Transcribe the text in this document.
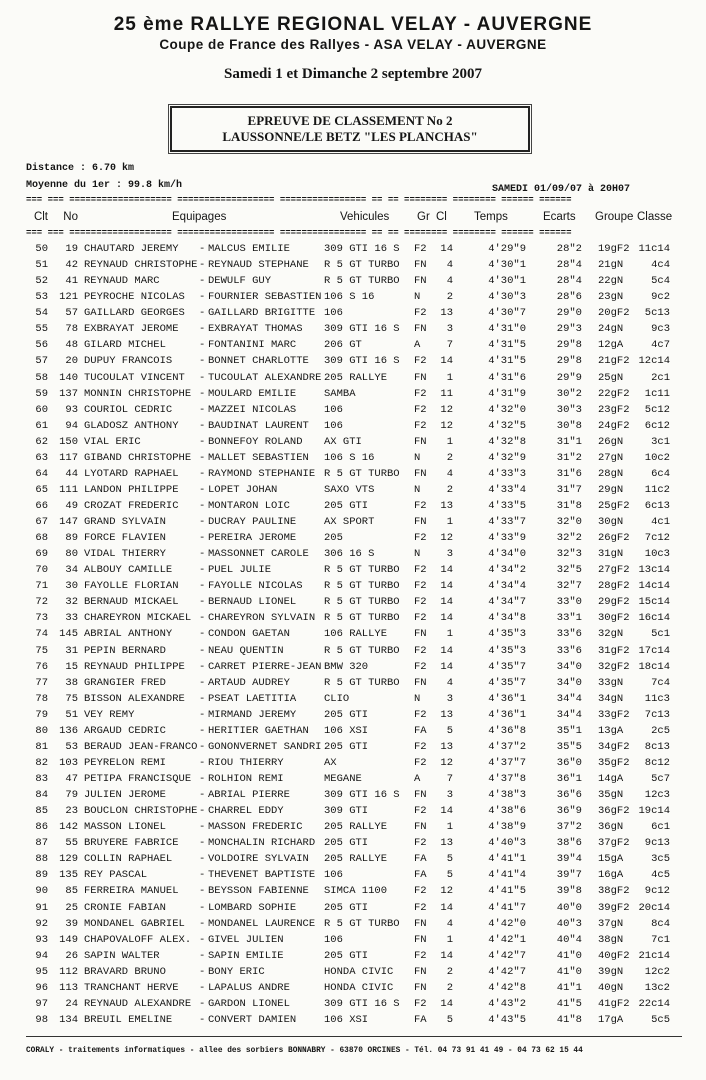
25 ème RALLYE REGIONAL VELAY - AUVERGNE
Coupe de France des Rallyes - ASA VELAY - AUVERGNE
Samedi 1 et Dimanche 2 septembre 2007
EPREUVE DE CLASSEMENT No 2
LAUSSONNE/LE BETZ "LES PLANCHAS"
Distance : 6.70 km
Moyenne du 1er : 99.8 km/h	SAMEDI 01/09/07 à 20H07
=== === =================== ================== ================ == == ======== ======== ====== ======
Clt	No	Equipages	Vehicules Gr Cl Temps	Ecarts Groupe Classe
=== === =================== ================== ================ == == ======== ======== ====== ======
50	19 CHAUTARD JEREMY	- MALCUS EMILIE	309 GTI 16 S	F2	14	4'29"9	28"2 19gF2 11c14
51	42 REYNAUD CHRISTOPHE - REYNAUD STEPHANE	R 5 GT TURBO	FN	4	4'30"1	28"4 21gN	4c4
52	41 REYNAUD MARC	- DEWULF GUY	R 5 GT TURBO	FN	4	4'30"1	28"4 22gN	5c4
53	121 PEYROCHE NICOLAS	- FOURNIER SEBASTIEN 106 S 16	N	2	4'30"3	28"6 23gN	9c2
54	57 GAILLARD GEORGES	- GAILLARD BRIGITTE 106	F2	13	4'30"7	29"0 20gF2	5c13
55	78 EXBRAYAT JEROME	- EXBRAYAT THOMAS	309 GTI 16 S	FN	3	4'31"0	29"3 24gN	9c3
56	48 GILARD MICHEL	- FONTANINI MARC	206 GT	A	7	4'31"5	29"8 12gA	4c7
57	20 DUPUY FRANCOIS	- BONNET CHARLOTTE	309 GTI 16 S	F2	14	4'31"5	29"8 21gF2 12c14
58	140 TUCOULAT VINCENT	- TUCOULAT ALEXANDRE 205 RALLYE	FN	1	4'31"6	29"9 25gN	2c1
59	137 MONNIN CHRISTOPHE - MOULARD EMILIE	SAMBA	F2	11	4'31"9	30"2 22gF2	1c11
60	93 COURIOL CEDRIC	- MAZZEI NICOLAS	106	F2	12	4'32"0	30"3 23gF2	5c12
61	94 GLADOSZ ANTHONY	- BAUDINAT LAURENT	106	F2	12	4'32"5	30"8 24gF2	6c12
62	150 VIAL ERIC	- BONNEFOY ROLAND	AX GTI	FN	1	4'32"8	31"1 26gN	3c1
63	117 GIBAND CHRISTOPHE - MALLET SEBASTIEN	106 S 16	N	2	4'32"9	31"2 27gN	10c2
64	44 LYOTARD RAPHAEL	- RAYMOND STEPHANIE R 5 GT TURBO	FN	4	4'33"3	31"6 28gN	6c4
65	111 LANDON PHILIPPE	- LOPET JOHAN	SAXO VTS	N	2	4'33"4	31"7 29gN	11c2
66	49 CROZAT FREDERIC	- MONTARON LOIC	205 GTI	F2	13	4'33"5	31"8 25gF2	6c13
67	147 GRAND SYLVAIN	- DUCRAY PAULINE	AX SPORT	FN	1	4'33"7	32"0 30gN	4c1
68	89 FORCE FLAVIEN	- PEREIRA JEROME	205	F2	12	4'33"9	32"2 26gF2	7c12
69	80 VIDAL THIERRY	- MASSONNET CAROLE	306 16 S	N	3	4'34"0	32"3 31gN	10c3
70	34 ALBOUY CAMILLE	- PUEL JULIE	R 5 GT TURBO	F2	14	4'34"2	32"5 27gF2 13c14
71	30 FAYOLLE FLORIAN	- FAYOLLE NICOLAS	R 5 GT TURBO	F2	14	4'34"4	32"7 28gF2 14c14
72	32 BERNAUD MICKAEL	- BERNAUD LIONEL	R 5 GT TURBO	F2	14	4'34"7	33"0 29gF2 15c14
73	33 CHAREYRON MICKAEL - CHAREYRON SYLVAIN R 5 GT TURBO	F2	14	4'34"8	33"1 30gF2 16c14
74	145 ABRIAL ANTHONY	- CONDON GAETAN	106 RALLYE	FN	1	4'35"3	33"6 32gN	5c1
75	31 PEPIN BERNARD	- NEAU QUENTIN	R 5 GT TURBO	F2	14	4'35"3	33"6 31gF2 17c14
76	15 REYNAUD PHILIPPE	- CARRET PIERRE-JEAN BMW 320	F2	14	4'35"7	34"0 32gF2 18c14
77	38 GRANGIER FRED	- ARTAUD AUDREY	R 5 GT TURBO	FN	4	4'35"7	34"0 33gN	7c4
78	75 BISSON ALEXANDRE	- PSEAT LAETITIA	CLIO	N	3	4'36"1	34"4 34gN	11c3
79	51 VEY REMY	- MIRMAND JEREMY	205 GTI	F2	13	4'36"1	34"4 33gF2	7c13
80	136 ARGAUD CEDRIC	- HERITIER GAETHAN	106 XSI	FA	5	4'36"8	35"1 13gA	2c5
81	53 BERAUD JEAN-FRANCO - GONONVERNET SANDRI 205 GTI	F2	13	4'37"2	35"5 34gF2	8c13
82	103 PEYRELON REMI	- RIOU THIERRY	AX	F2	12	4'37"7	36"0 35gF2	8c12
83	47 PETIPA FRANCISQUE - ROLHION REMI	MEGANE	A	7	4'37"8	36"1 14gA	5c7
84	79 JULIEN JEROME	- ABRIAL PIERRE	309 GTI 16 S	FN	3	4'38"3	36"6 35gN	12c3
85	23 BOUCLON CHRISTOPHE - CHARREL EDDY	309 GTI	F2	14	4'38"6	36"9 36gF2 19c14
86	142 MASSON LIONEL	- MASSON FREDERIC	205 RALLYE	FN	1	4'38"9	37"2 36gN	6c1
87	55 BRUYERE FABRICE	- MONCHALIN RICHARD 205 GTI	F2	13	4'40"3	38"6 37gF2	9c13
88	129 COLLIN RAPHAEL	- VOLDOIRE SYLVAIN	205 RALLYE	FA	5	4'41"1	39"4 15gA	3c5
89	135 REY PASCAL	- THEVENET BAPTISTE 106	FA	5	4'41"4	39"7 16gA	4c5
90	85 FERREIRA MANUEL	- BEYSSON FABIENNE	SIMCA 1100	F2	12	4'41"5	39"8 38gF2	9c12
91	25 CRONIE FABIAN	- LOMBARD SOPHIE	205 GTI	F2	14	4'41"7	40"0 39gF2 20c14
92	39 MONDANEL GABRIEL	- MONDANEL LAURENCE R 5 GT TURBO	FN	4	4'42"0	40"3 37gN	8c4
93	149 CHAPOVALOFF ALEX. - GIVEL JULIEN	106	FN	1	4'42"1	40"4 38gN	7c1
94	26 SAPIN WALTER	- SAPIN EMILIE	205 GTI	F2	14	4'42"7	41"0 40gF2 21c14
95	112 BRAVARD BRUNO	- BONY ERIC	HONDA CIVIC	FN	2	4'42"7	41"0 39gN	12c2
96	113 TRANCHANT HERVE	- LAPALUS ANDRE	HONDA CIVIC	FN	2	4'42"8	41"1 40gN	13c2
97	24 REYNAUD ALEXANDRE - GARDON LIONEL	309 GTI 16 S	F2	14	4'43"2	41"5 41gF2 22c14
98	134 BREUIL EMELINE	- CONVERT DAMIEN	106 XSI	FA	5	4'43"5	41"8 17gA	5c5
CORALY - traitements informatiques - allee des sorbiers BONNABRY - 63870 ORCINES - Tél. 04 73 91 41 49 - 04 73 62 15 44
